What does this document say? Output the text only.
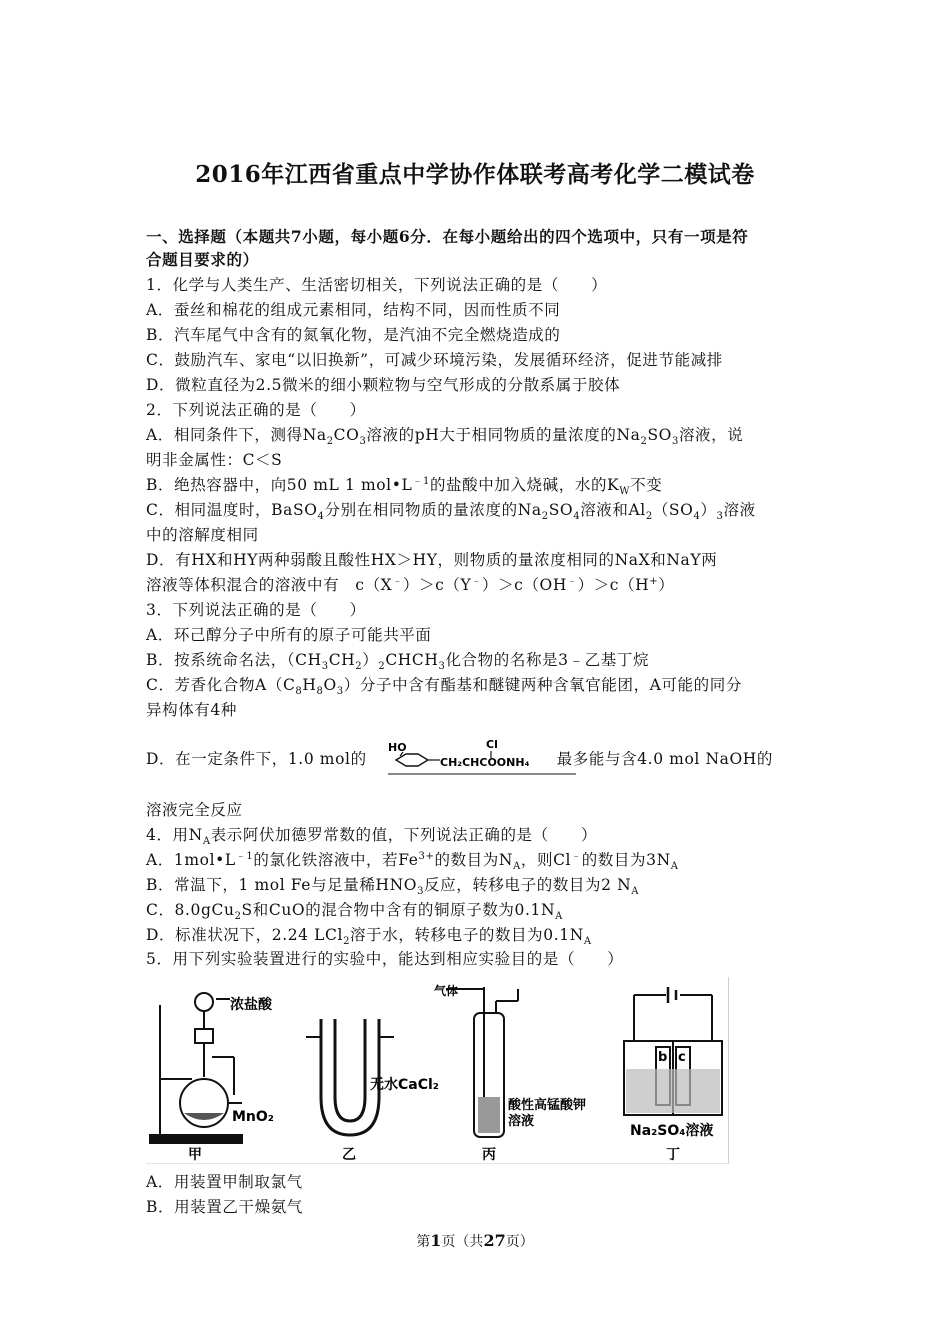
2016年江西省重点中学协作体联考高考化学二模试卷
一、选择题（本题共7小题，每小题6分．在每小题给出的四个选项中，只有一项是符
合题目要求的）
1．化学与人类生产、生活密切相关，下列说法正确的是（　　）
A．蚕丝和棉花的组成元素相同，结构不同，因而性质不同
B．汽车尾气中含有的氮氧化物，是汽油不完全燃烧造成的
C．鼓励汽车、家电“以旧换新”，可减少环境污染，发展循环经济，促进节能减排
D．微粒直径为2.5微米的细小颗粒物与空气形成的分散系属于胶体
2．下列说法正确的是（　　）
A．相同条件下，测得$Na_2CO_3$溶液的pH大于相同物质的量浓度的$Na_2SO_3$溶液，说
明非金属性：C＜S
B．绝热容器中，向50 mL 1 $mol•L^{﹣1}$的盐酸中加入烧碱，水的$K_W$不变
C．相同温度时，BaSO$_4$分别在相同物质的量浓度的$Na_2SO_4$溶液和$Al_2(SO_4)_3$溶液
中的溶解度相同
D．有HX和HY两种弱酸且酸性HX＞HY，则物质的量浓度相同的NaX和NaY两
溶液等体积混合的溶液中有　c（X﹣）＞c（Y﹣）＞c（OH﹣）＞c（H+）
3．下列说法正确的是（　　）
A．环己醇分子中所有的原子可能共平面
B．按系统命名法，$(CH_3CH_2)_2CHCH_3$化合物的名称是3﹣乙基丁烷
C．芳香化合物$A(C_8H_8O_3)$分子中含有酯基和醚键两种含氧官能团，A可能的同分
异构体有4种
D．在一定条件下，1.0 mol的	最多能与含4.0 mol NaOH的
HO	Cl
CH₂CHCOONH₄
溶液完全反应
4．用$N_A$表示阿伏加德罗常数的值，下列说法正确的是（　　）
A．$1mol•L^{﹣1}$的氯化铁溶液中，若$Fe^{3+}$的数目为$N_A$，则Cl﹣的数目为$3N_A$
B．常温下，1 mol Fe与足量稀$HNO_3$反应，转移电子的数目为2 $N_A$
C．8.0gCu$_2$S和CuO的混合物中含有的铜原子数为$0.1N_A$
D．标准状况下，2.24 LCl$_2$溶于水，转移电子的数目为$0.1N_A$
5．用下列实验装置进行的实验中，能达到相应实验目的是（　　）
浓盐酸
MnO₂
甲
无水CaCl₂
乙
气体
酸性高锰酸钾
溶液
丙
b c
Na₂SO₄溶液
丁
A．用装置甲制取氯气
B．用装置乙干燥氨气
第1页（共27页）
